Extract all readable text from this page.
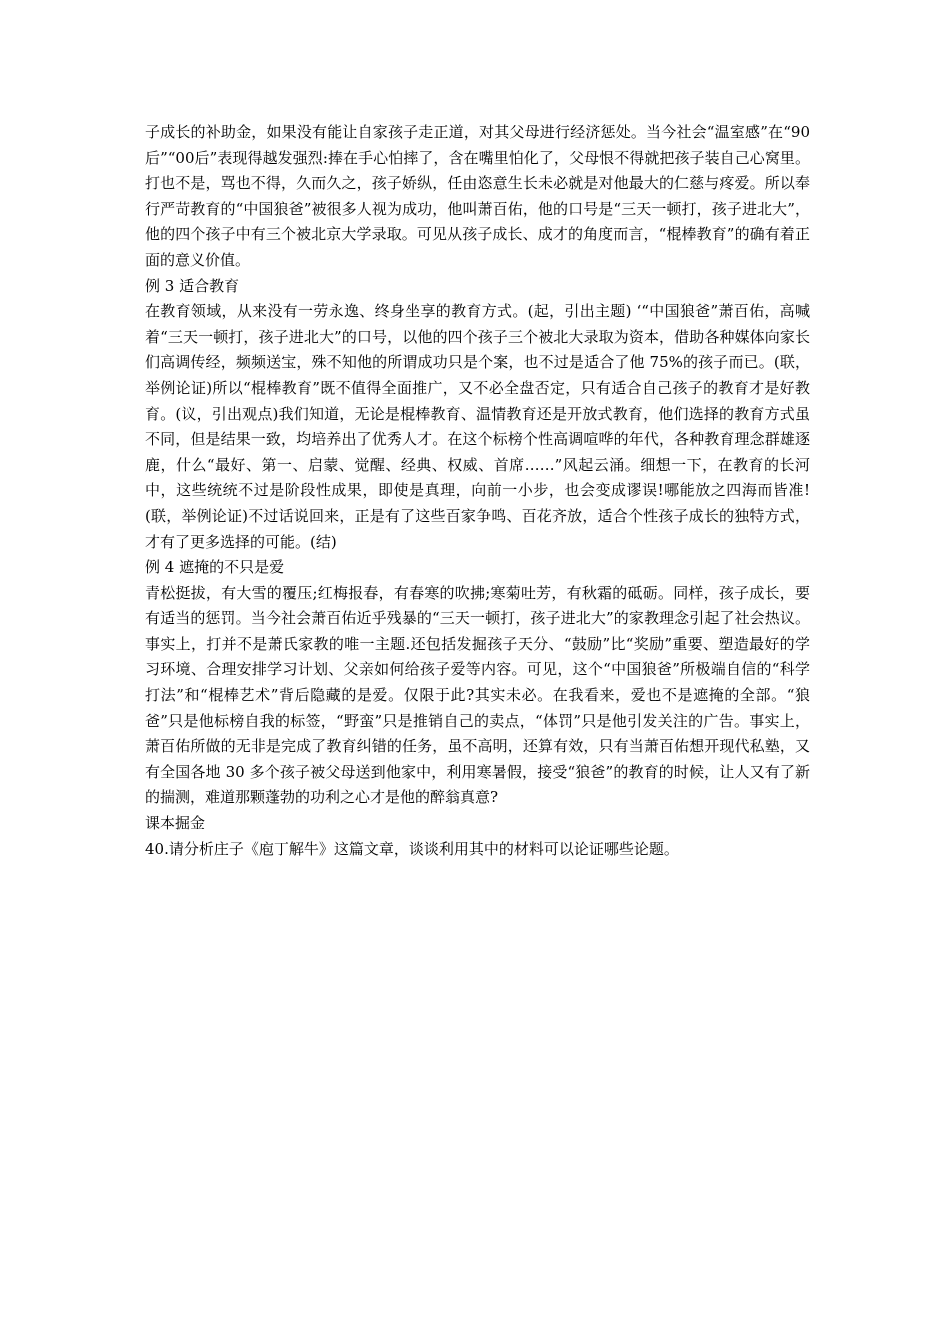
子成长的补助金，如果没有能让自家孩子走正道，对其父母进行经济惩处。当今社会“温室感”在“90后”“00后”表现得越发强烈:捧在手心怕摔了，含在嘴里怕化了，父母恨不得就把孩子装自己心窝里。打也不是，骂也不得，久而久之，孩子娇纵，任由恣意生长未必就是对他最大的仁慈与疼爱。所以奉行严苛教育的“中国狼爸”被很多人视为成功，他叫萧百佑，他的口号是“三天一顿打，孩子进北大”，他的四个孩子中有三个被北京大学录取。可见从孩子成长、成才的角度而言，“棍棒教育”的确有着正面的意义价值。

例 3 适合教育

在教育领域，从来没有一劳永逸、终身坐享的教育方式。(起，引出主题) ‘“中国狼爸”萧百佑，高喊着“三天一顿打，孩子进北大”的口号，以他的四个孩子三个被北大录取为资本，借助各种媒体向家长们高调传经，频频送宝，殊不知他的所谓成功只是个案，也不过是适合了他 75%的孩子而已。(联，举例论证)所以“棍棒教育”既不值得全面推广，又不必全盘否定，只有适合自己孩子的教育才是好教育。(议，引出观点)我们知道，无论是棍棒教育、温情教育还是开放式教育，他们选择的教育方式虽不同，但是结果一致，均培养出了优秀人才。在这个标榜个性高调喧哗的年代，各种教育理念群雄逐鹿，什么“最好、第一、启蒙、觉醒、经典、权威、首席……”风起云涌。细想一下，在教育的长河中，这些统统不过是阶段性成果，即使是真理，向前一小步，也会变成谬误!哪能放之四海而皆准!(联，举例论证)不过话说回来，正是有了这些百家争鸣、百花齐放，适合个性孩子成长的独特方式，才有了更多选择的可能。(结)

例 4 遮掩的不只是爱

青松挺拔，有大雪的覆压;红梅报春，有春寒的吹拂;寒菊吐芳，有秋霜的砥砺。同样，孩子成长，要有适当的惩罚。当今社会萧百佑近乎残暴的“三天一顿打，孩子进北大”的家教理念引起了社会热议。事实上，打并不是萧氏家教的唯一主题.还包括发掘孩子天分、“鼓励”比“奖励”重要、塑造最好的学习环境、合理安排学习计划、父亲如何给孩子爱等内容。可见，这个“中国狼爸”所极端自信的“科学打法”和“棍棒艺术”背后隐藏的是爱。仅限于此?其实未必。在我看来，爱也不是遮掩的全部。“狼爸”只是他标榜自我的标签，“野蛮”只是推销自己的卖点，“体罚”只是他引发关注的广告。事实上，萧百佑所做的无非是完成了教育纠错的任务，虽不高明，还算有效，只有当萧百佑想开现代私塾，又有全国各地 30 多个孩子被父母送到他家中，利用寒暑假，接受“狼爸”的教育的时候，让人又有了新的揣测，难道那颗蓬勃的功利之心才是他的醉翁真意?

课本掘金

40.请分析庄子《庖丁解牛》这篇文章，谈谈利用其中的材料可以论证哪些论题。
